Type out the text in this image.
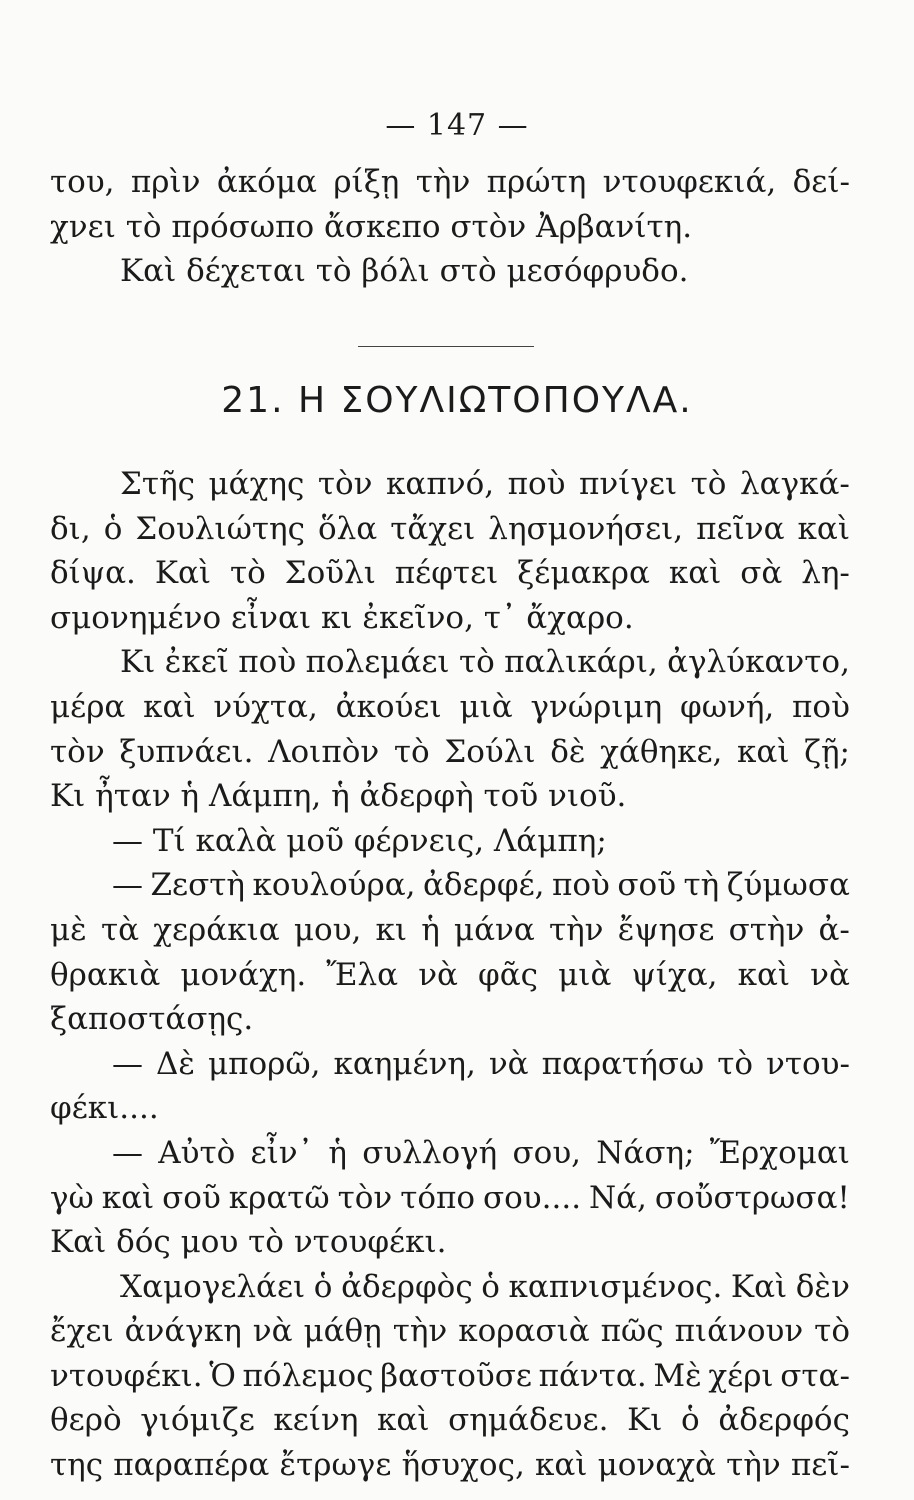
— 147 —
του, πρὶν ἀκόμα ρίξῃ τὴν πρώτη ντουφεκιά, δεί-
χνει τὸ πρόσωπο ἄσκεπο στὸν Ἀρβανίτη.
Καὶ δέχεται τὸ βόλι στὸ μεσόφρυδο.
21. Η ΣΟΥΛΙΩΤΟΠΟΥΛΑ.
Στῆς μάχης τὸν καπνό, ποὺ πνίγει τὸ λαγκά-
δι, ὁ Σουλιώτης ὅλα τἄχει λησμονήσει, πεῖνα καὶ
δίψα. Καὶ τὸ Σοῦλι πέφτει ξέμακρα καὶ σὰ λη-
σμονημένο εἶναι κι ἐκεῖνο, τ᾽ ἄχαρο.
Κι ἐκεῖ ποὺ πολεμάει τὸ παλικάρι, ἀγλύκαντο,
μέρα καὶ νύχτα, ἀκούει μιὰ γνώριμη φωνή, ποὺ
τὸν ξυπνάει. Λοιπὸν τὸ Σούλι δὲ χάθηκε, καὶ ζῇ;
Κι ἦταν ἡ Λάμπη, ἡ ἀδερφὴ τοῦ νιοῦ.
— Τί καλὰ μοῦ φέρνεις, Λάμπη;
— Ζεστὴ κουλούρα, ἀδερφέ, ποὺ σοῦ τὴ ζύμωσα
μὲ τὰ χεράκια μου, κι ἡ μάνα τὴν ἔψησε στὴν ἀ-
θρακιὰ μονάχη. Ἔλα νὰ φᾶς μιὰ ψίχα, καὶ νὰ
ξαποστάσῃς.
— Δὲ μπορῶ, καημένη, νὰ παρατήσω τὸ ντου-
φέκι....
— Αὐτὸ εἶν᾽ ἡ συλλογή σου, Νάση; Ἔρχομαι
γὼ καὶ σοῦ κρατῶ τὸν τόπο σου.... Νά, σοὔστρωσα!
Καὶ δός μου τὸ ντουφέκι.
Χαμογελάει ὁ ἀδερφὸς ὁ καπνισμένος. Καὶ δὲν
ἔχει ἀνάγκη νὰ μάθῃ τὴν κορασιὰ πῶς πιάνουν τὸ
ντουφέκι. Ὁ πόλεμος βαστοῦσε πάντα. Μὲ χέρι στα-
θερὸ γιόμιζε κείνη καὶ σημάδευε. Κι ὁ ἀδερφός
της παραπέρα ἔτρωγε ἥσυχος, καὶ μοναχὰ τὴν πεῖ-
